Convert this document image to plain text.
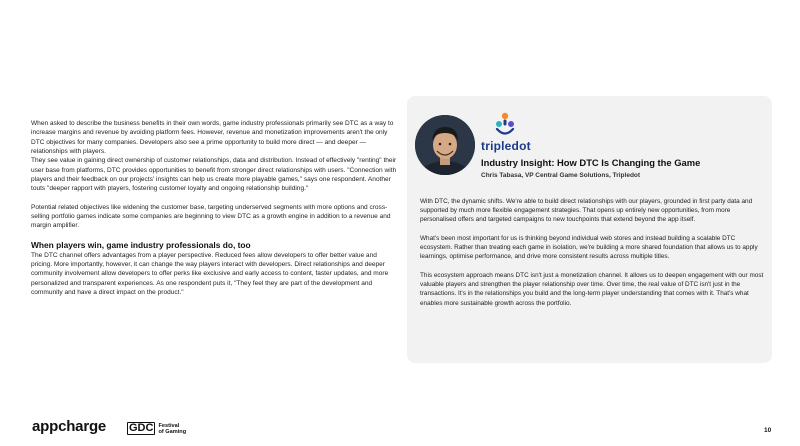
When asked to describe the business benefits in their own words, game industry professionals primarily see DTC as a way to increase margins and revenue by avoiding platform fees. However, revenue and monetization improvements aren't the only DTC objectives for many companies. Developers also see a prime opportunity to build more direct — and deeper — relationships with players.

They see value in gaining direct ownership of customer relationships, data and distribution. Instead of effectively "renting" their user base from platforms, DTC provides opportunities to benefit from stronger direct relationships with users. "Connection with players and their feedback on our projects' insights can help us create more playable games," says one respondent. Another touts "deeper rapport with players, fostering customer loyalty and ongoing relationship building."

Potential related objectives like widening the customer base, targeting underserved segments with more options and cross-selling portfolio games indicate some companies are beginning to view DTC as a growth engine in addition to a revenue and margin amplifier.

When players win, game industry professionals do, too

The DTC channel offers advantages from a player perspective. Reduced fees allow developers to offer better value and pricing. More importantly, however, it can change the way players interact with developers. Direct relationships and deeper community involvement allow developers to offer perks like exclusive and early access to content, faster updates, and more personalized and transparent experiences. As one respondent puts it, "They feel they are part of the development and community and have a direct impact on the product."

tripledot
Industry Insight: How DTC Is Changing the Game
Chris Tabasa, VP Central Game Solutions, Tripledot

With DTC, the dynamic shifts. We're able to build direct relationships with our players, grounded in first party data and supported by much more flexible engagement strategies. That opens up entirely new opportunities, from more personalised offers and targeted campaigns to new touchpoints that extend beyond the app itself.

What's been most important for us is thinking beyond individual web stores and instead building a scalable DTC ecosystem. Rather than treating each game in isolation, we're building a more shared foundation that allows us to apply learnings, optimise performance, and drive more consistent results across multiple titles.

This ecosystem approach means DTC isn't just a monetization channel. It allows us to deepen engagement with our most valuable players and strengthen the player relationship over time. Over time, the real value of DTC isn't just in the transactions. It's in the relationships you build and the long-term player understanding that comes with it. That's what enables more sustainable growth across the portfolio.

appcharge GDC Festival
of Gaming	10
